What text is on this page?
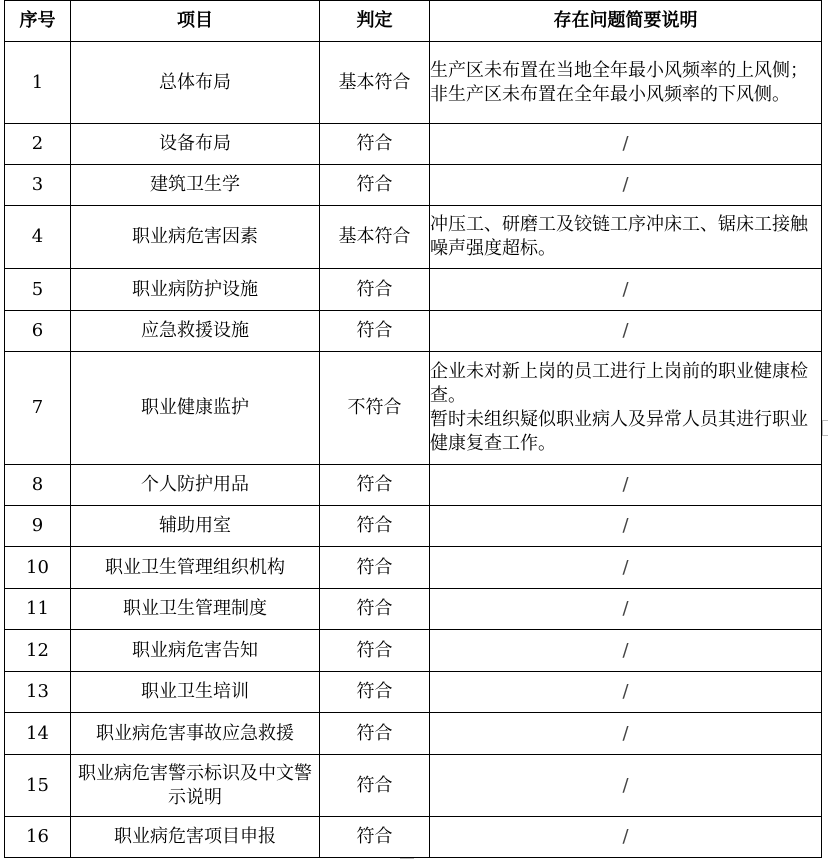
序号	项目	判定	存在问题简要说明
1	总体布局	基本符合	生产区未布置在当地全年最小风频率的上风侧；非生产区未布置在全年最小风频率的下风侧。

2	设备布局	符合	/
3	建筑卫生学	符合	/
4	职业病危害因素	基本符合	冲压工、研磨工及铰链工序冲床工、锯床工接触噪声强度超标。

5	职业病防护设施	符合	/
6	应急救援设施	符合	/
7	职业健康监护	不符合	企业未对新上岗的员工进行上岗前的职业健康检查。
暂时未组织疑似职业病人及异常人员其进行职业健康复查工作。

8	个人防护用品	符合	/
9	辅助用室	符合	/
10	职业卫生管理组织机构	符合	/
11	职业卫生管理制度	符合	/
12	职业病危害告知	符合	/
13	职业卫生培训	符合	/
14	职业病危害事故应急救援	符合	/
15	职业病危害警示标识及中文警示说明	符合	/
16	职业病危害项目申报	符合	/
